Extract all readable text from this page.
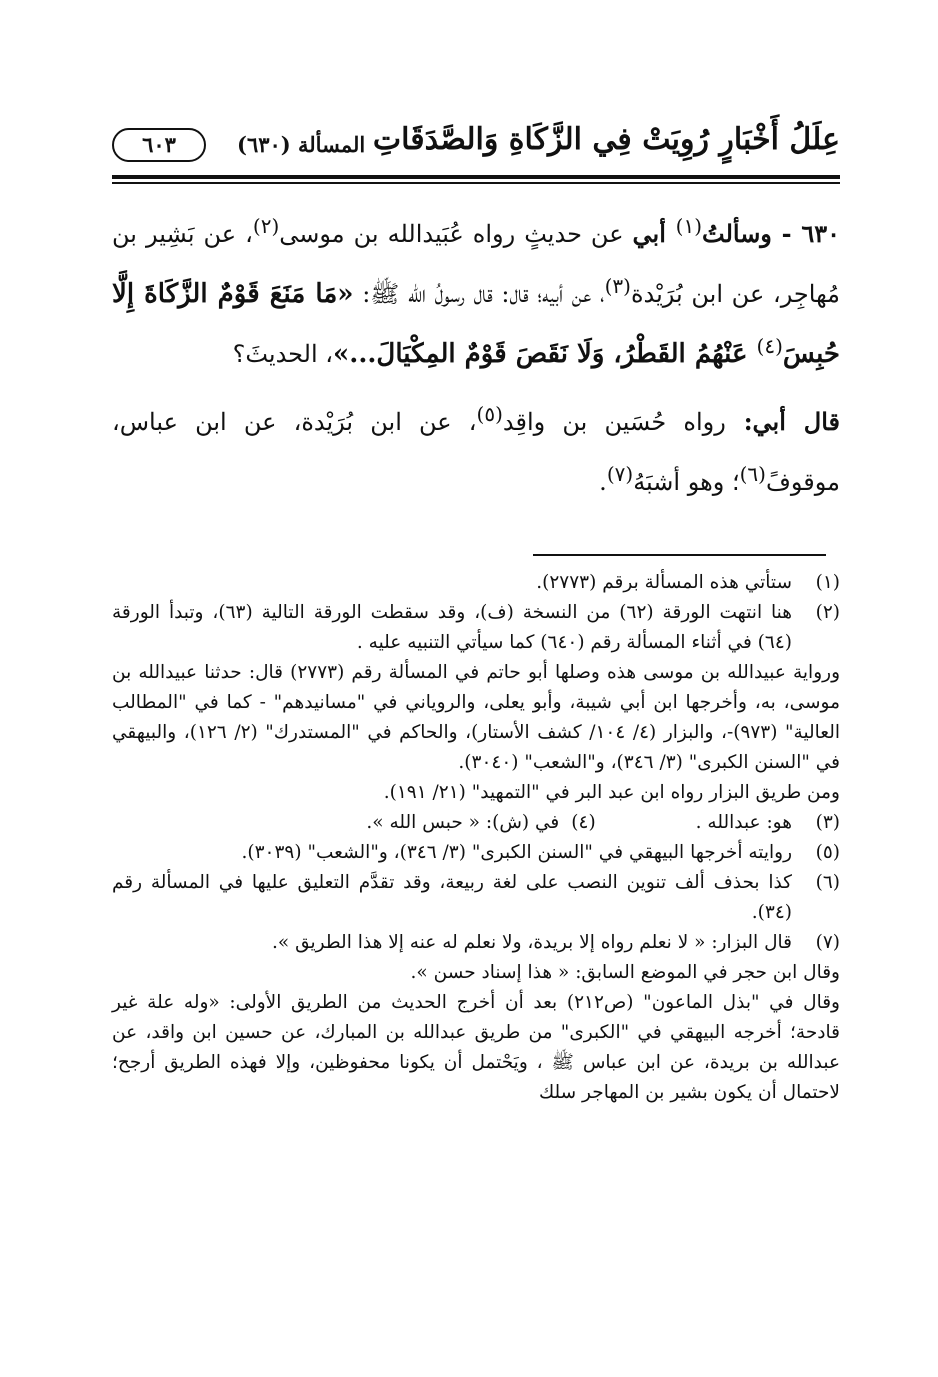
عِلَلُ أَخْبَارٍ رُوِيَتْ فِي الزَّكَاةِ وَالصَّدَقَاتِ
المسألة (٦٣٠)
٦٠٣

٦٣٠ - وسألتُ$^{(١)}$ أبي عن حديثٍ رواه عُبَيدالله بن موسى$^{(٢)}$، عن بَشِير بن مُهاجِر، عن ابن بُرَيْدة$^{(٣)}$، عن أبيه؛ قال: قال رسولُ الله ﷺ: «مَا مَنَعَ قَوْمٌ الزَّكَاةَ إِلَّا حُبِسَ$^{(٤)}$ عَنْهُمُ القَطْرُ، وَلَا نَقَصَ قَوْمٌ المِكْيَالَ...»، الحديثَ؟

قال أبي: رواه حُسَين بن واقِد$^{(٥)}$، عن ابن بُرَيْدة، عن ابن عباس، موقوفً$^{(٦)}$؛ وهو أشبَهُ$^{(٧)}$.

(١)
ستأتي هذه المسألة برقم (٢٧٧٣).
(٢)

هنا انتهت الورقة (٦٢) من النسخة (ف)، وقد سقطت الورقة التالية (٦٣)، وتبدأ الورقة (٦٤) في أثناء المسألة رقم (٦٤٠) كما سيأتي التنبيه عليه .

ورواية عبيدالله بن موسى هذه وصلها أبو حاتم في المسألة رقم (٢٧٧٣) قال: حدثنا عبيدالله بن موسى، به، وأخرجها ابن أبي شيبة، وأبو يعلى، والروياني في "مسانيدهم" - كما في "المطالب العالية" (٩٧٣)-، والبزار (٤/ ١٠٤/ كشف الأستار)، والحاكم في "المستدرك" (٢/ ١٢٦)، والبيهقي في "السنن الكبرى" (٣/ ٣٤٦)، و"الشعب" (٣٠٤٠).

ومن طريق البزار رواه ابن عبد البر في "التمهيد" (٢١/ ١٩١).

(٣)
هو: عبدالله .
(٤)
في (ش): « حبس الله ».
(٥)
روايته أخرجها البيهقي في "السنن الكبرى" (٣/ ٣٤٦)، و"الشعب" (٣٠٣٩).
(٦)
كذا بحذف ألف تنوين النصب على لغة ربيعة، وقد تقدَّم التعليق عليها في المسألة رقم (٣٤).
(٧)

قال البزار: « لا نعلم رواه إلا بريدة، ولا نعلم له عنه إلا هذا الطريق ».

وقال ابن حجر في الموضع السابق: « هذا إسناد حسن ».

وقال في "بذل الماعون" (ص٢١٢) بعد أن أخرج الحديث من الطريق الأولى: «وله علة غير قادحة؛ أخرجه البيهقي في "الكبرى" من طريق عبدالله بن المبارك، عن حسين ابن واقد، عن عبدالله بن بريدة، عن ابن عباس ﷺ ، ويَحْتمل أن يكونا محفوظين، وإلا فهذه الطريق أرجح؛ لاحتمال أن يكون بشير بن المهاجر سلك
